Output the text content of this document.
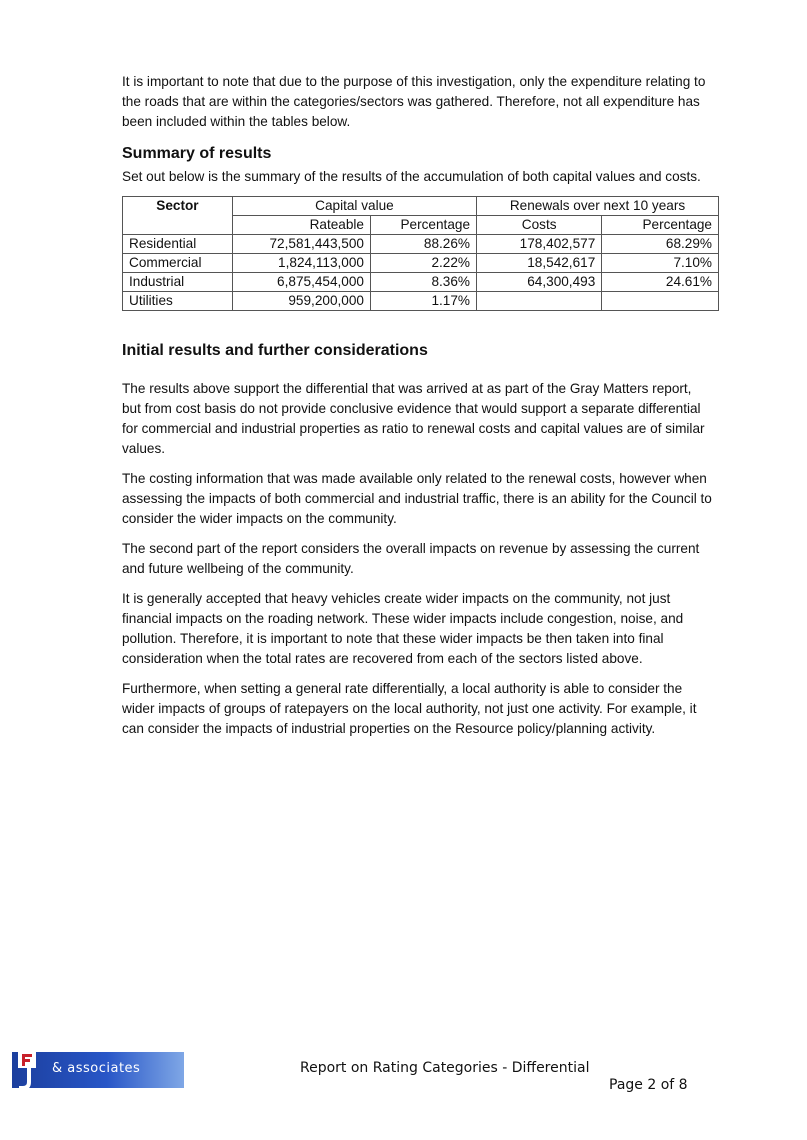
It is important to note that due to the purpose of this investigation, only the expenditure relating to the roads that are within the categories/sectors was gathered. Therefore, not all expenditure has been included within the tables below.

Summary of results

Set out below is the summary of the results of the accumulation of both capital values and costs.

Sector	Capital value		Renewals over next 10 years	
	Rateable	Percentage	Costs	Percentage
Residential	72,581,443,500	88.26%	178,402,577	68.29%
Commercial	1,824,113,000	2.22%	18,542,617	7.10%
Industrial	6,875,454,000	8.36%	64,300,493	24.61%
Utilities	959,200,000	1.17%		
Initial results and further considerations

The results above support the differential that was arrived at as part of the Gray Matters report, but from cost basis do not provide conclusive evidence that would support a separate differential for commercial and industrial properties as ratio to renewal costs and capital values are of similar values.

The costing information that was made available only related to the renewal costs, however when assessing the impacts of both commercial and industrial traffic, there is an ability for the Council to consider the wider impacts on the community.

The second part of the report considers the overall impacts on revenue by assessing the current and future wellbeing of the community.

It is generally accepted that heavy vehicles create wider impacts on the community, not just financial impacts on the roading network. These wider impacts include congestion, noise, and pollution. Therefore, it is important to note that these wider impacts be then taken into final consideration when the total rates are recovered from each of the sectors listed above.

Furthermore, when setting a general rate differentially, a local authority is able to consider the wider impacts of groups of ratepayers on the local authority, not just one activity. For example, it can consider the impacts of industrial properties on the Resource policy/planning activity.

& associates	Report on Rating Categories - Differential
Page 2 of 8
